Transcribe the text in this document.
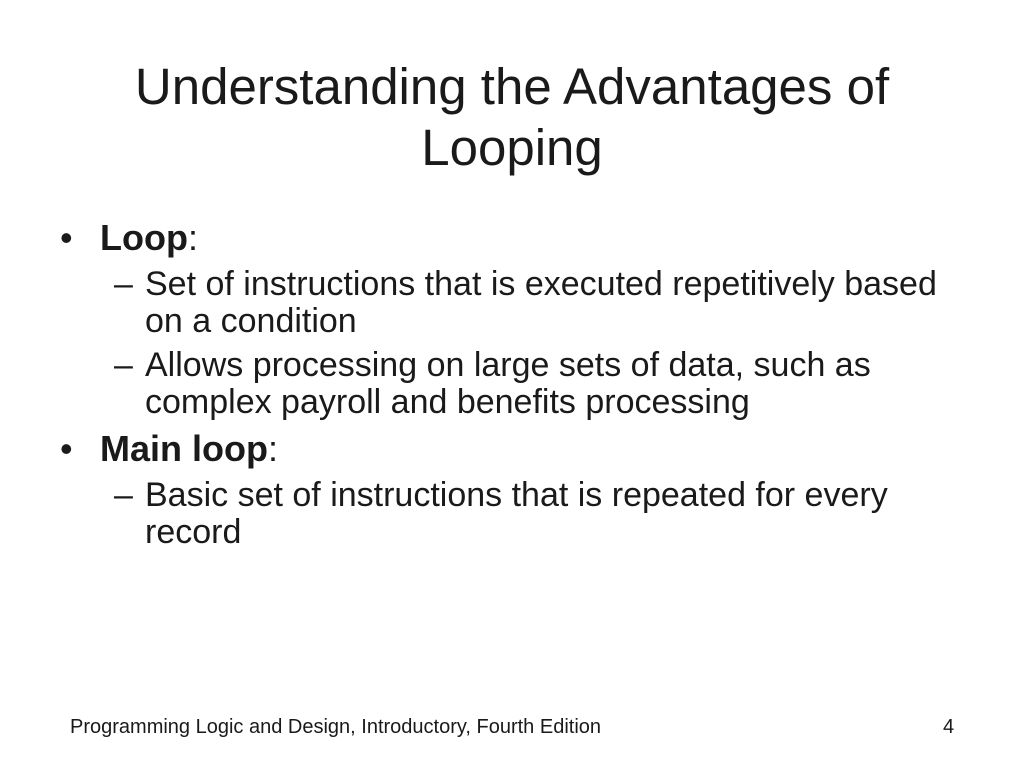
Understanding the Advantages of Looping
• Loop:
– Set of instructions that is executed repetitively based on a condition
– Allows processing on large sets of data, such as complex payroll and benefits processing
• Main loop:
– Basic set of instructions that is repeated for every record
Programming Logic and Design, Introductory, Fourth Edition	4
